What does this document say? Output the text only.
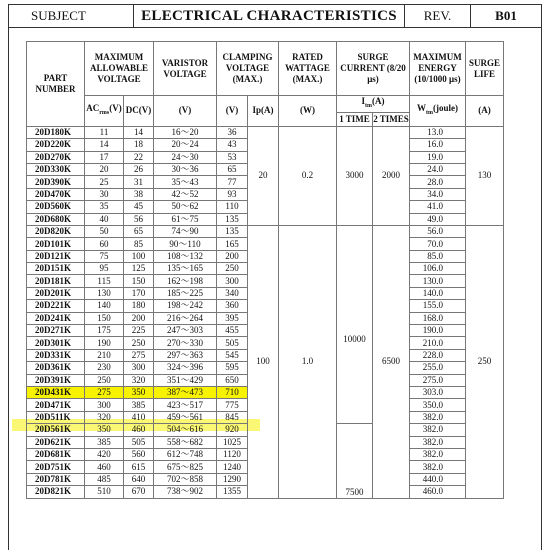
SUBJECT	ELECTRICAL CHARACTERISTICS	REV.	B01
PART NUMBER	MAXIMUM ALLOWABLE VOLTAGE		VARISTOR VOLTAGE	CLAMPING VOLTAGE (MAX.)		RATED WATTAGE (MAX.)	SURGE CURRENT (8/20 μs)		MAXIMUM ENERGY (10/1000 μs)	SURGE LIFE
	$AC_{rms}(V)$	DC(V)	(V)	(V)	Ip(A)	(W)	$I_{tm}(A)$		$W_{tm}(joule)$	(A)
							1 TIME	2 TIMES		
20D180K	11	14	16～20	36	20	0.2	3000	2000	13.0	130
20D220K	14	18	20～24	43					16.0	
20D270K	17	22	24～30	53					19.0	
20D330K	20	26	30～36	65					24.0	
20D390K	25	31	35～43	77					28.0	
20D470K	30	38	42～52	93					34.0	
20D560K	35	45	50～62	110					41.0	
20D680K	40	56	61～75	135					49.0	
20D820K	50	65	74～90	135	100	1.0	10000	6500	56.0	250
20D101K	60	85	90～110	165					70.0	
20D121K	75	100	108～132	200					85.0	
20D151K	95	125	135～165	250					106.0	
20D181K	115	150	162～198	300					130.0	
20D201K	130	170	185～225	340					140.0	
20D221K	140	180	198～242	360					155.0	
20D241K	150	200	216～264	395					168.0	
20D271K	175	225	247～303	455					190.0	
20D301K	190	250	270～330	505					210.0	
20D331K	210	275	297～363	545					228.0	
20D361K	230	300	324～396	595					255.0	
20D391K	250	320	351～429	650					275.0	
20D431K	275	350	387～473	710					303.0	
20D471K	300	385	423～517	775					350.0	
20D511K	320	410	459～561	845					382.0	
20D561K	350	460	504～616	920			7500		382.0	
20D621K	385	505	558～682	1025					382.0	
20D681K	420	560	612～748	1120					382.0	
20D751K	460	615	675～825	1240					382.0	
20D781K	485	640	702～858	1290					440.0	
20D821K	510	670	738～902	1355					460.0	
